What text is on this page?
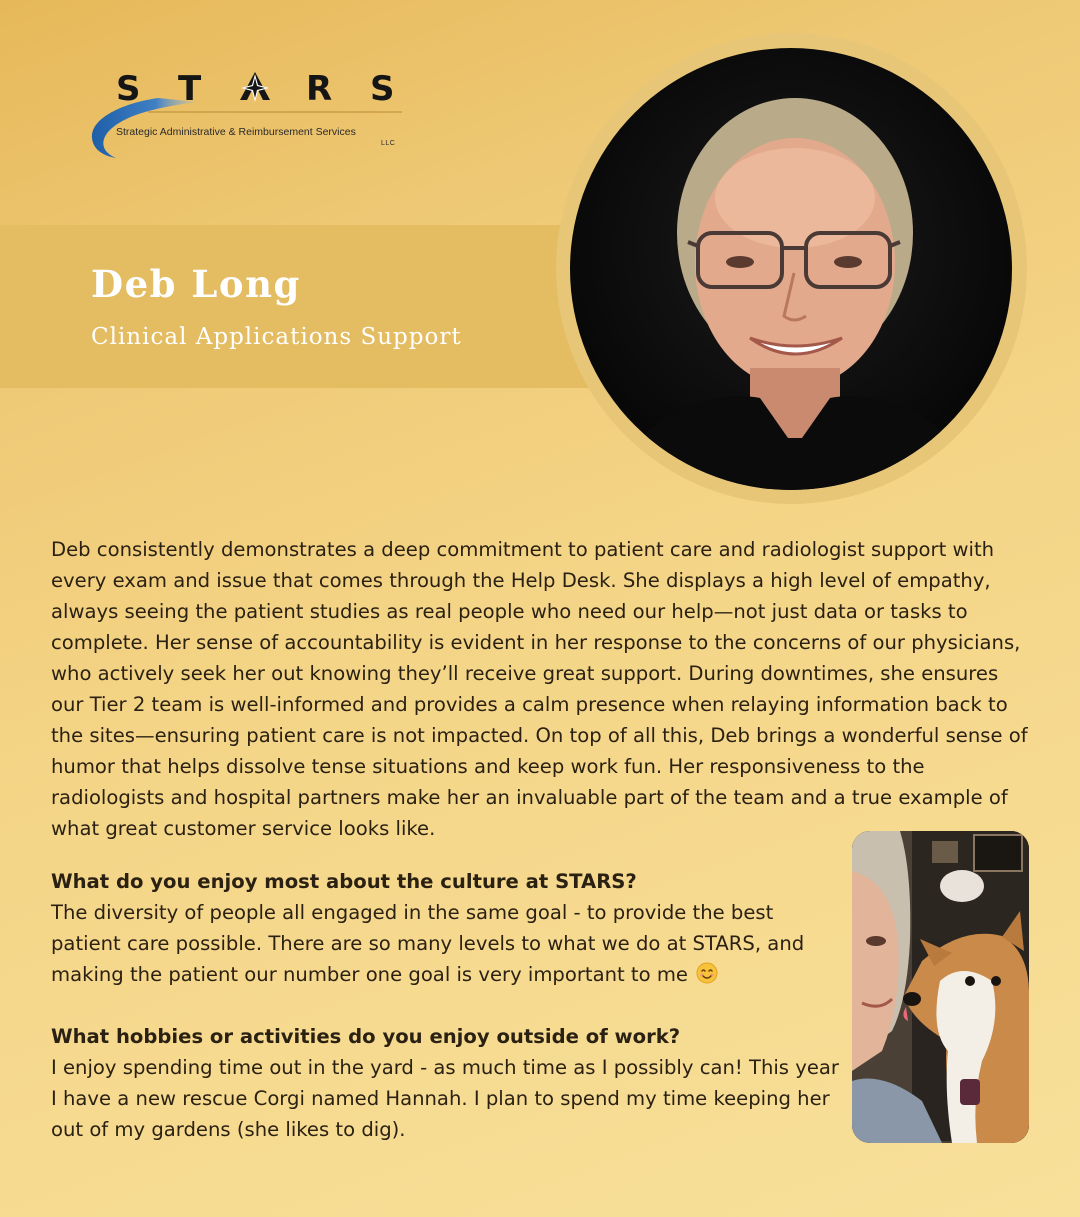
S T	R S
Strategic Administrative & Reimbursement Services
LLC
Deb Long
Clinical Applications Support

Deb consistently demonstrates a deep commitment to patient care and radiologist support with every exam and issue that comes through the Help Desk. She displays a high level of empathy, always seeing the patient studies as real people who need our help—not just data or tasks to complete. Her sense of accountability is evident in her response to the concerns of our physicians, who actively seek her out knowing they’ll receive great support. During downtimes, she ensures our Tier 2 team is well-informed and provides a calm presence when relaying information back to the sites—ensuring patient care is not impacted. On top of all this, Deb brings a wonderful sense of humor that helps dissolve tense situations and keep work fun. Her responsiveness to the radiologists and hospital partners make her an invaluable part of the team and a true example of what great customer service looks like.

What do you enjoy most about the culture at STARS?

The diversity of people all engaged in the same goal - to provide the best patient care possible. There are so many levels to what we do at STARS, and making the patient our number one goal is very important to me

What hobbies or activities do you enjoy outside of work?

I enjoy spending time out in the yard - as much time as I possibly can! This year I have a new rescue Corgi named Hannah. I plan to spend my time keeping her out of my gardens (she likes to dig).
